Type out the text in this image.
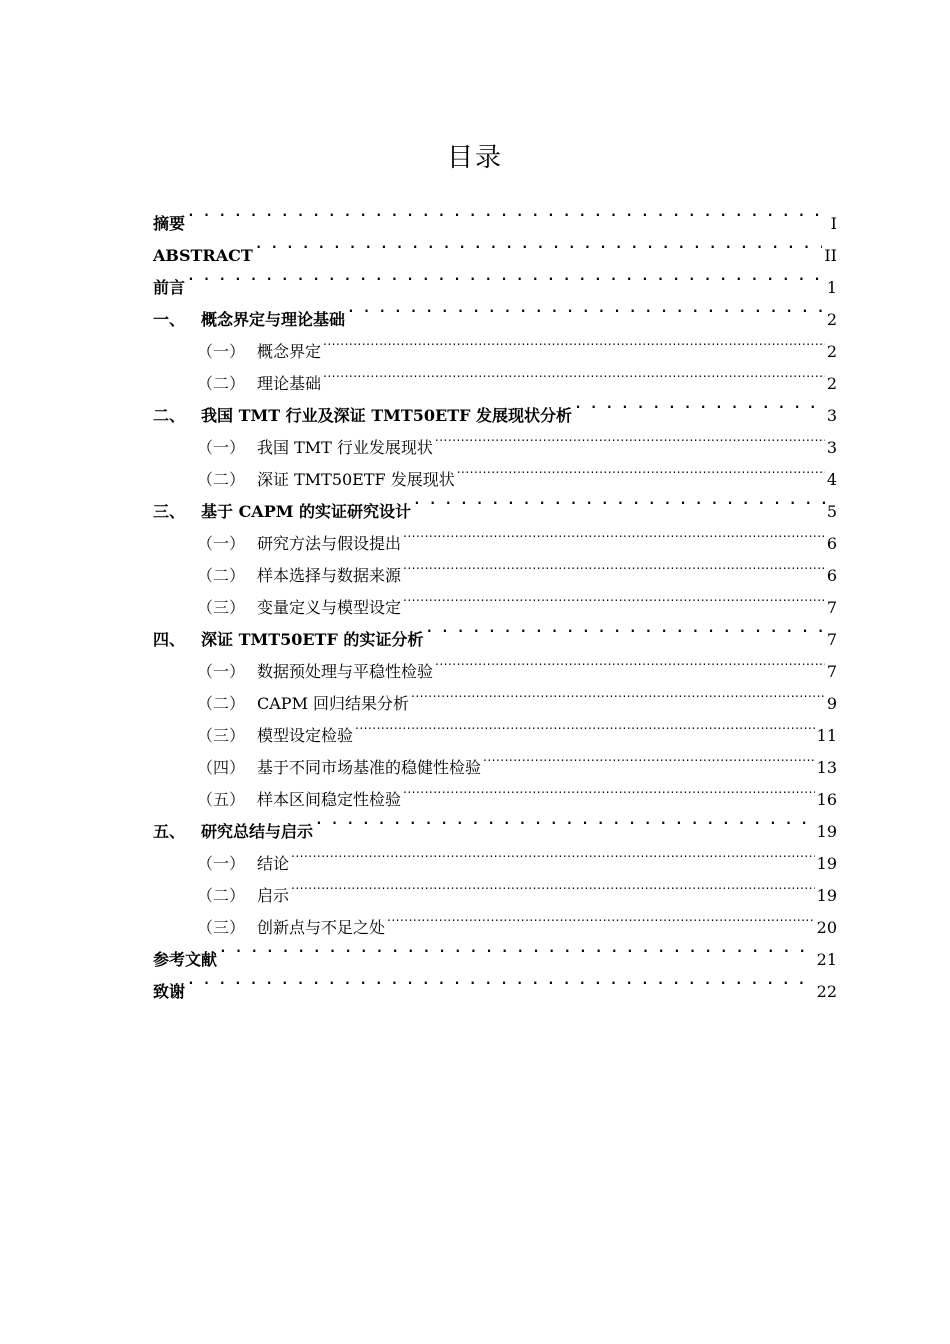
目录
摘要 . . .	I
ABSTRACT . . .	II
前言 . . .	1
一、 概念界定与理论基础 . . .	2
（一） 概念界定 .....	2
（二） 理论基础 .....	2
二、 我国 TMT 行业及深证 TMT50ETF 发展现状分析 . . .	3
（一） 我国 TMT 行业发展现状 .....	3
（二） 深证 TMT50ETF 发展现状 .....	4
三、 基于 CAPM 的实证研究设计 . . .	5
（一） 研究方法与假设提出 .....	6
（二） 样本选择与数据来源 .....	6
（三） 变量定义与模型设定 .....	7
四、 深证 TMT50ETF 的实证分析 . . .	7
（一） 数据预处理与平稳性检验 .....	7
（二） CAPM 回归结果分析 .....	9
（三） 模型设定检验 .....	11
（四） 基于不同市场基准的稳健性检验 .....	13
（五） 样本区间稳定性检验 .....	16
五、 研究总结与启示 . . .	19
（一） 结论 .....	19
（二） 启示 .....	19
（三） 创新点与不足之处 .....	20
参考文献 . . .	21
致谢 . . .	22
